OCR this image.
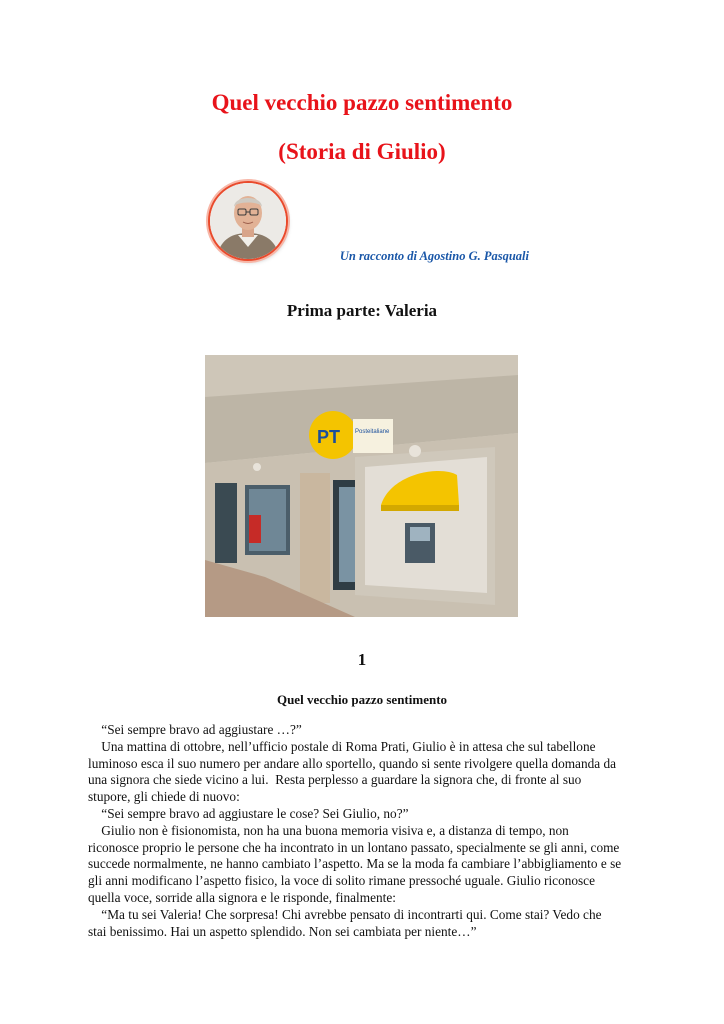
Quel vecchio pazzo sentimento
(Storia di Giulio)
Un racconto di Agostino G. Pasquali
Prima parte: Valeria
PT Posteitaliane
1
Quel vecchio pazzo sentimento
“Sei sempre bravo ad aggiustare …?”
Una mattina di ottobre, nell’ufficio postale di Roma Prati, Giulio è in attesa che sul tabellone
luminoso esca il suo numero per andare allo sportello, quando si sente rivolgere quella domanda da
una signora che siede vicino a lui.  Resta perplesso a guardare la signora che, di fronte al suo
stupore, gli chiede di nuovo:
“Sei sempre bravo ad aggiustare le cose? Sei Giulio, no?”
Giulio non è fisionomista, non ha una buona memoria visiva e, a distanza di tempo, non
riconosce proprio le persone che ha incontrato in un lontano passato, specialmente se gli anni, come
succede normalmente, ne hanno cambiato l’aspetto. Ma se la moda fa cambiare l’abbigliamento e se
gli anni modificano l’aspetto fisico, la voce di solito rimane pressoché uguale. Giulio riconosce
quella voce, sorride alla signora e le risponde, finalmente:
“Ma tu sei Valeria! Che sorpresa! Chi avrebbe pensato di incontrarti qui. Come stai? Vedo che
stai benissimo. Hai un aspetto splendido. Non sei cambiata per niente…”
